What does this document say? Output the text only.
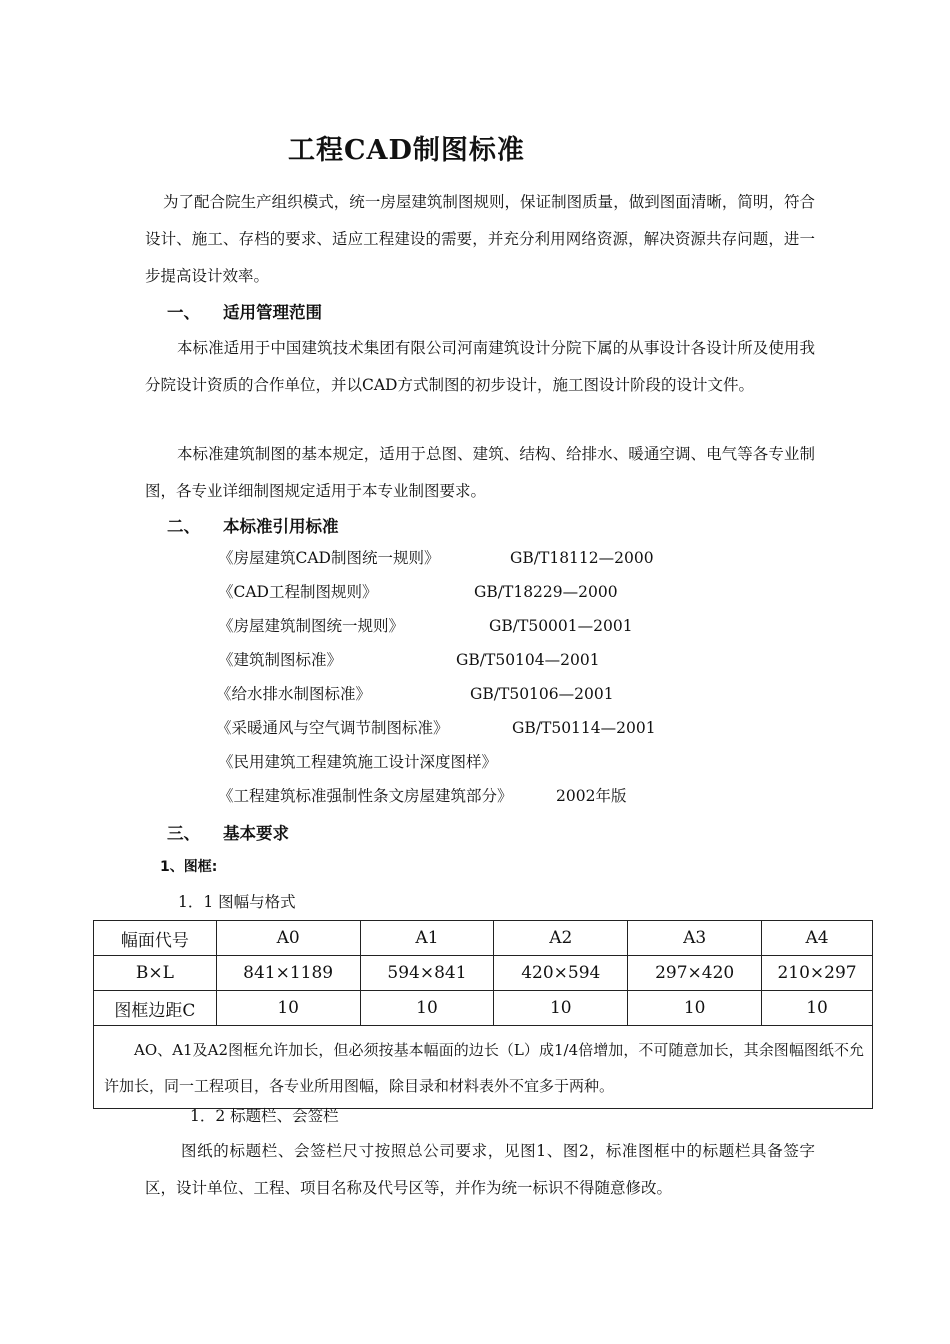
工程CAD制图标准
为了配合院生产组织模式，统一房屋建筑制图规则，保证制图质量，做到图面清晰，简明，符合设计、施工、存档的要求、适应工程建设的需要，并充分利用网络资源，解决资源共存问题，进一步提高设计效率。
一、 适用管理范围
本标准适用于中国建筑技术集团有限公司河南建筑设计分院下属的从事设计各设计所及使用我分院设计资质的合作单位，并以CAD方式制图的初步设计，施工图设计阶段的设计文件。
本标准建筑制图的基本规定，适用于总图、建筑、结构、给排水、暖通空调、电气等各专业制图，各专业详细制图规定适用于本专业制图要求。
二、 本标准引用标准
《房屋建筑CAD制图统一规则》	GB/T18112—2000
《CAD工程制图规则》	GB/T18229—2000
《房屋建筑制图统一规则》	GB/T50001—2001
《建筑制图标准》	GB/T50104—2001
《给水排水制图标准》	GB/T50106—2001
《采暖通风与空气调节制图标准》	GB/T50114—2001
《民用建筑工程建筑施工设计深度图样》
《工程建筑标准强制性条文房屋建筑部分》	2002年版
三、 基本要求
1、图框:
1．1 图幅与格式
幅面代号	A0	A1	A2	A3	A4
B×L	841×1189	594×841	420×594	297×420	210×297
图框边距C	10	10	10	10	10
AO、A1及A2图框允许加长，但必须按基本幅面的边长（L）成1/4倍增加，不可随意加长，其余图幅图纸不允许加长，同一工程项目，各专业所用图幅，除目录和材料表外不宜多于两种。					
1．2 标题栏、会签栏
图纸的标题栏、会签栏尺寸按照总公司要求，见图1、图2，标准图框中的标题栏具备签字区，设计单位、工程、项目名称及代号区等，并作为统一标识不得随意修改。
